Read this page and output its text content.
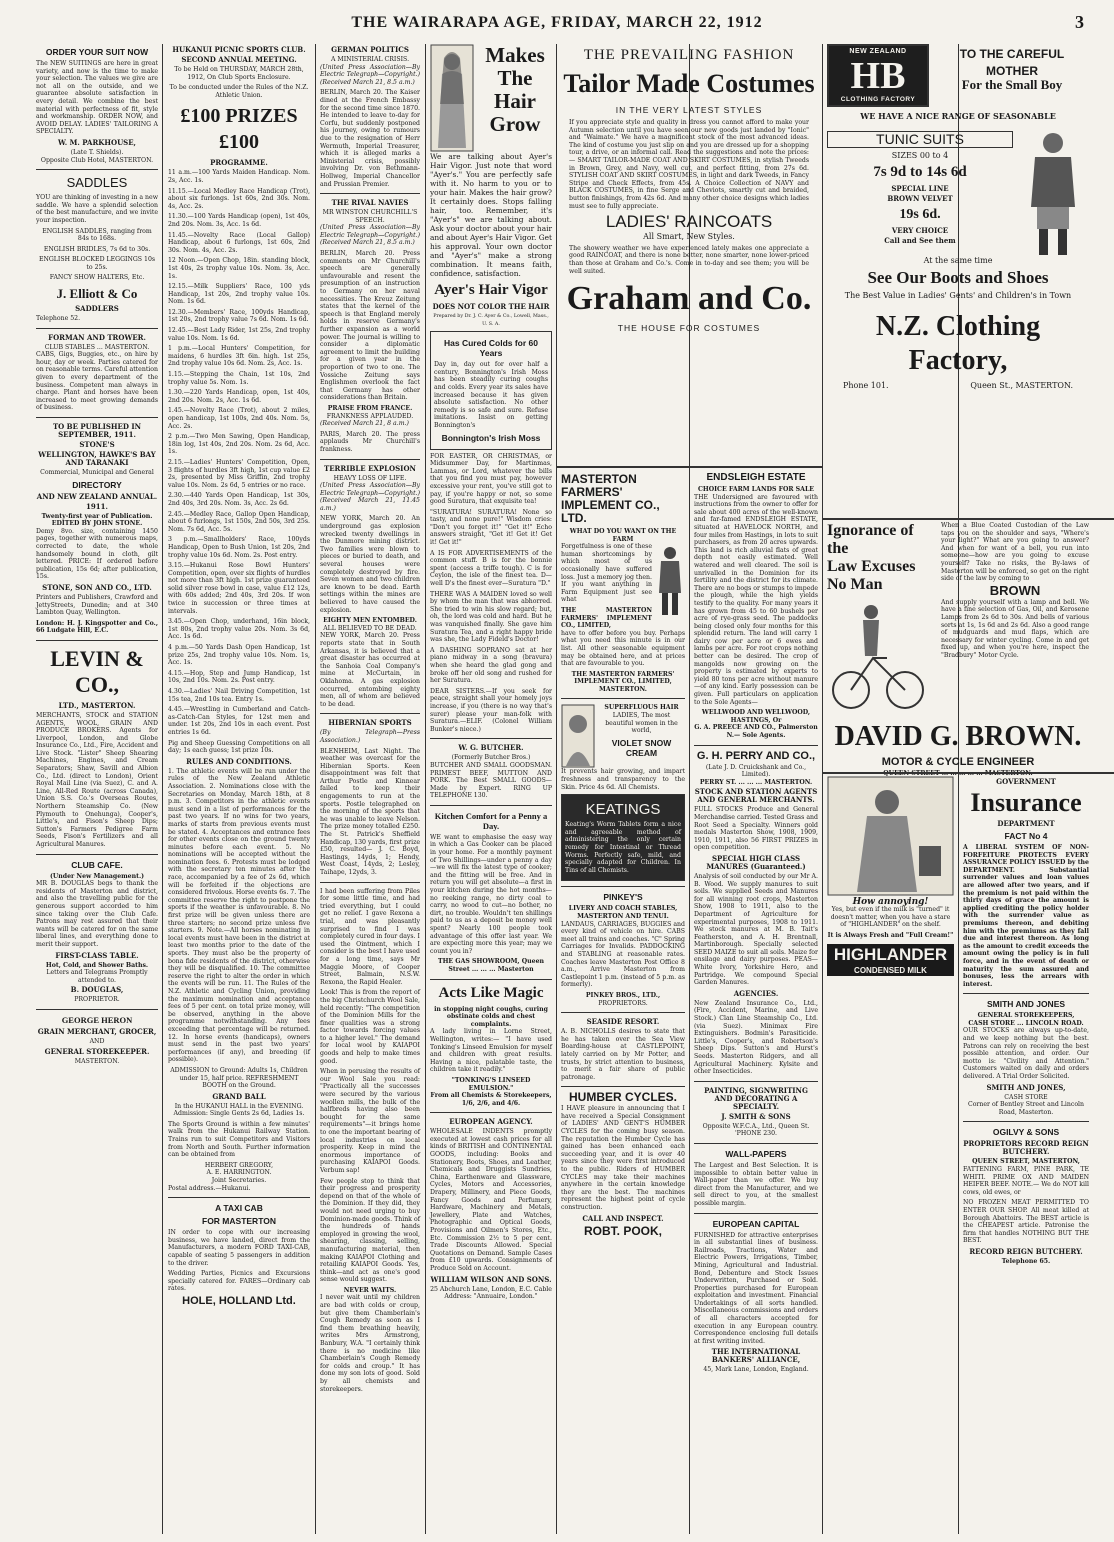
THE WAIRARAPA AGE, FRIDAY, MARCH 22, 1912	3
ORDER YOUR SUIT NOW

The NEW SUITINGS are here in great variety, and now is the time to make your selection. The values we give are not all on the outside, and we guarantee absolute satisfaction in every detail. We combine the best material with perfectness of fit, style and workmanship. ORDER NOW, and AVOID DELAY. LADIES' TAILORING A SPECIALTY.

W. M. PARKHOUSE,
(Late T. Shields).
Opposite Club Hotel, MASTERTON.
SADDLES

YOU are thinking of investing in a new saddle. We have a splendid selection of the best manufacture, and we invite your inspection.

ENGLISH SADDLES, ranging from 84s to 168s.

ENGLISH BRIDLES, 7s 6d to 30s.

ENGLISH BLOCKED LEGGINGS 10s to 25s.

FANCY SHOW HALTERS, Etc.

J. Elliott & Co
SADDLERS

Telephone 52.

FORMAN AND TROWER.
CLUB STABLES ... MASTERTON.

CABS, Gigs, Buggies, etc., on hire by hour, day or week. Parties catered for on reasonable terms. Careful attention given to every department of the business. Competent man always in charge. Plant and horses have been increased to meet growing demands of business.

TO BE PUBLISHED IN SEPTEMBER, 1911.
STONE'S
WELLINGTON, HAWKE'S BAY AND TARANAKI
Commercial, Municipal and General
DIRECTORY
AND NEW ZEALAND ANNUAL.
1911.
Twenty-first year of Publication. EDITED BY JOHN STONE.

Demy 8vo. size, containing 1450 pages, together with numerous maps, corrected to date, the whole handsomely bound in cloth, gilt lettered. PRICE: If ordered before publication, 15s 6d; after publication, 15s.

STONE, SON AND CO., LTD.

Printers and Publishers, Crawford and JettyStreets, Dunedin; and at 340 Lambton Quay, Wellington.

London: H. J. Kingspotter and Co., 66 Ludgate Hill, E.C.

LEVIN & CO.,
LTD., MASTERTON.

MERCHANTS, STOCK and STATION AGENTS, WOOL, GRAIN AND PRODUCE BROKERS. Agents for Liverpool, London, and Globe Insurance Co., Ltd., Fire, Accident and Live Stock. "Lister" Sheep Shearing Machines, Engines, and Cream Separators; Shaw, Savill and Albion Co., Ltd. (direct to London), Orient Royal Mail Line (via Suez), C. and A. Line, All-Red Route (across Canada), Union S.S. Co.'s Overseas Routes, Northern Steamship Co. (New Plymouth to Onehunga), Cooper's, Little's, and Fison's Sheep Dips; Sutton's Farmers Pedigree Farm Seeds, Fison's Fertilizers and all Agricultural Manures.

CLUB CAFE.
(Under New Management.)

MR B. DOUGLAS begs to thank the residents of Masterton and district, and also the travelling public for the generous support accorded to him since taking over the Club Cafe. Patrons may rest assured that their wants will be catered for on the same liberal lines, and everything done to merit their support.

FIRST-CLASS TABLE.
Hot, Cold, and Shower Baths.
Letters and Telegrams Promptly attended to.
B. DOUGLAS,
PROPRIETOR.
GEORGE HERON
GRAIN MERCHANT, GROCER,
AND
GENERAL STOREKEEPER.
MASTERTON.
HUKANUI PICNIC SPORTS CLUB.
SECOND ANNUAL MEETING.

To be Held on THURSDAY, MARCH 28th, 1912, On Club Sports Enclosure.

To be conducted under the Rules of the N.Z. Athletic Union.

£100 PRIZES £100
PROGRAMME.

11 a.m.—100 Yards Maiden Handicap. Nom. 2s, Acc. 1s.

11.15.—Local Medley Race Handicap (Trot), about six furlongs. 1st 60s, 2nd 30s. Nom. 4s, Acc. 2s.

11.30.—100 Yards Handicap (open), 1st 40s, 2nd 20s. Nom. 3s, Acc. 1s 6d.

11.45.—Novelty Race (Local Gallop) Handicap, about 6 furlongs, 1st 60s, 2nd 30s. Nom. 4s, Acc. 2s.

12 Noon.—Open Chop, 18in. standing block, 1st 40s, 2s trophy value 10s. Nom. 3s, Acc. 1s.

12.15.—Milk Suppliers' Race, 100 yds Handicap, 1st 20s, 2nd trophy value 10s. Nom. 1s 6d.

12.30.—Members' Race, 100yds Handicap, 1st 20s, 2nd trophy value 7s 6d. Nom. 1s 6d.

12.45.—Best Lady Rider, 1st 25s, 2nd trophy value 10s. Nom. 1s 6d.

1 p.m.—Local Hunters' Competition, for maidens, 6 hurdles 3ft 6in. high. 1st 25s, 2nd trophy value 10s 6d. Nom. 2s, Acc. 1s.

1.15.—Stepping the Chain, 1st 10s, 2nd trophy value 5s. Nom. 1s.

1.30.—220 Yards Handicap, open, 1st 40s, 2nd 20s. Nom. 2s, Acc. 1s 6d.

1.45.—Novelty Race (Trot), about 2 miles, open handicap, 1st 100s, 2nd 40s. Nom. 5s, Acc. 2s.

2 p.m.—Two Men Sawing, Open Handicap, 18in log, 1st 40s, 2nd 20s. Nom. 2s 6d, Acc. 1s.

2.15.—Ladies' Hunters' Competition, Open, 3 flights of hurdles 3ft high, 1st cup value £2 2s, presented by Miss Griffin, 2nd trophy value 10s. Nom. 2s 6d, 5 entries or no race.

2.30.—440 Yards Open Handicap, 1st 30s, 2nd 40s, 3rd 20s. Nom. 3s, Acc. 2s 6d.

2.45.—Medley Race, Gallop Open Handicap, about 6 furlongs, 1st 150s, 2nd 50s, 3rd 25s. Nom. 7s 6d, Acc. 5s.

3 p.m.—Smallholders' Race, 100yds Handicap, Open to Bush Union, 1st 20s, 2nd trophy value 10s 6d. Nom. 2s. Post entry.

3.15.—Hukanui Rose Bowl Hunters' Competition, open, over six flights of hurdles not more than 3ft high. 1st prize guaranteed solid silver rose bowl in case, value £12 12s, with 60s added; 2nd 40s, 3rd 20s. If won twice in succession or three times at intervals.

3.45.—Open Chop, underhand, 16in block, 1st 80s, 2nd trophy value 20s. Nom. 3s 6d, Acc. 1s 6d.

4 p.m.—50 Yards Dash Open Handicap, 1st prize 25s, 2nd trophy value 10s. Nom. 1s, Acc. 1s.

4.15.—Hop, Step and Jump Handicap, 1st 10s, 2nd 10s. Nom. 2s. Post entry.

4.30.—Ladies' Nail Driving Competition, 1st 15s tea, 2nd 10s tea. Entry 1s.

4.45.—Wrestling in Cumberland and Catch-as-Catch-Can Styles, for 12st men and under. 1st 20s, 2nd 10s in each event. Post entries 1s 6d.

Pig and Sheep Guessing Competitions on all day; 1s each guess; 1st prize 10s.

RULES AND CONDITIONS.

1. The athletic events will be run under the rules of the New Zealand Athletic Association. 2. Nominations close with the Secretaries on Monday, March 18th, at 8 p.m. 3. Competitors in the athletic events must send in a list of performances for the past two years. If no wins for two years, marks of starts from previous events must be stated. 4. Acceptances and entrance fees for other events close on the ground twenty minutes before each event. 5. No nominations will be accepted without the nomination fees. 6. Protests must be lodged with the secretary ten minutes after the race, accompanied by a fee of 2s 6d, which will be forfeited if the objections are considered frivolous. Horse events 6s. 7. The committee reserve the right to postpone the sports if the weather is unfavourable. 8. No first prize will be given unless there are three starters; no second prize unless five starters. 9. Note.—All horses nominating in local events must have been in the district at least two months prior to the date of the sports. They must also be the property of bona fide residents of the district, otherwise they will be disqualified. 10. The committee reserve the right to alter the order in which the events will be run. 11. The Rules of the N.Z. Athletic and Cycling Union, providing the maximum nomination and acceptance fees of 5 per cent. on total prize money, will be observed, anything in the above programme notwithstanding. Any fees exceeding that percentage will be returned. 12. In horse events (handicaps), owners must send in the past two years' performances (if any), and breeding (if possible).

ADMISSION to Ground: Adults 1s, Children under 15, half price. REFRESHMENT BOOTH on the Ground.

GRAND BALL

In the HUKANUI HALL in the EVENING. Admission: Single Gents 2s 6d, Ladies 1s.

The Sports Ground is within a few minutes' walk from the Hukanui Railway Station. Trains run to suit Competitors and Visitors from North and South. Further information can be obtained from

HERBERT GREGORY,
A. E. HARRINGTON.
Joint Secretaries.

Postal address.—Hukanui.

A TAXI CAB
FOR MASTERTON

IN order to cope with our increasing business, we have landed, direct from the Manufacturers, a modern FORD TAXI-CAB, capable of seating 5 passengers in addition to the driver.

Wedding Parties, Picnics and Excursions specially catered for. FARES—Ordinary cab rates.

HOLE, HOLLAND Ltd.
GERMAN POLITICS
A MINISTERIAL CRISIS.

(United Press Association—By Electric Telegraph—Copyright.) (Received March 21, 8.5 a.m.)

BERLIN, March 20. The Kaiser dined at the French Embassy for the second time since 1870. He intended to leave to-day for Corfu, but suddenly postponed his journey, owing to rumours due to the resignation of Herr Wermuth, Imperial Treasurer, which it is alleged marks a Ministerial crisis, possibly involving Dr. von Bethmann-Hollweg, Imperial Chancellor and Prussian Premier.

THE RIVAL NAVIES
MR WINSTON CHURCHILL'S SPEECH.

(United Press Association—By Electric Telegraph—Copyright.) (Received March 21, 8.5 a.m.)

BERLIN, March 20. Press comments on Mr Churchill's speech are generally unfavourable and resent the presumption of an instruction to Germany on her naval necessities. The Kreuz Zeitung states that the kernel of the speech is that England merely holds in reserve Germany's further expansion as a world power. The journal is willing to consider a diplomatic agreement to limit the building for a given year in the proportion of two to one. The Vossiche Zeitung says Englishmen overlook the fact that Germany has other considerations than Britain.

PRAISE FROM FRANCE.
FRANKNESS APPLAUDED.

(Received March 21, 8 a.m.)

PARIS, March 20. The press applauds Mr Churchill's frankness.

TERRIBLE EXPLOSION
HEAVY LOSS OF LIFE.

(United Press Association—By Electric Telegraph—Copyright.) (Received March 21, 11.45 a.m.)

NEW YORK, March 20. An underground gas explosion wrecked twenty dwellings in the Dunmore mining district. Two families were blown to pieces or buried to death, and several houses were completely destroyed by fire. Seven women and two children are known to be dead. Earth settings within the mines are believed to have caused the explosion.

EIGHTY MEN ENTOMBED.
ALL BELIEVED TO BE DEAD.

NEW YORK, March 20. Press reports state that in South Arkansas, it is believed that a great disaster has occurred at the Sanhoia Coal Company's mine at McCurtain, in Oklahoma. A gas explosion occurred, entombing eighty men, all of whom are believed to be dead.

HIBERNIAN SPORTS

(By Telegraph—Press Association.)

BLENHEIM, Last Night. The weather was overcast for the Hibernian Sports. Keen disappointment was felt that Arthur Postle and Kinnear failed to keep their engagements to run at the sports. Postle telegraphed on the morning of the sports that he was unable to leave Nelson. The prize money totalled £250. The St. Patrick's Sheffield Handicap, 130 yards, first prize £50, resulted— J. C. Boyd, Hastings, 14yds, 1; Hendy, West Coast, 14yds, 2; Lesley, Taihape, 12yds, 3.

I had been suffering from Piles for some little time, and had tried everything, but I could get no relief. I gave Rexona a trial, and was pleasantly surprised to find I was completely cured in four days. I used the Ointment, which I consider is the best I have used for a long time, says Mr Maggie Moore, of Cooper Street, Balmain, N.S.W. Rexona, the Rapid Healer.

Look! This is from the report of the big Christchurch Wool Sale, held recently: "The competition of the Dominion Mills for the finer qualities was a strong factor towards forcing values to a higher level." The demand for local wool by KAIAPOI goods and help to make times good.

When in perusing the results of our Wool Sale you read: "Practically all the successes were secured by the various woollen mills, the bulk of the halfbreds having also been bought for the same requirements"—it brings home to one the important bearing of local industries on local prosperity. Keep in mind the enormous importance of purchasing KAIAPOI Goods. Verbum sap!

Few people stop to think that their progress and prosperity depend on that of the whole of the Dominion. If they did, they would not need urging to buy Dominion-made goods. Think of the hundreds of hands employed in growing the wool, shearing, classing, selling, manufacturing material, then making KAIAPOI Clothing and retailing KAIAPOI Goods. Yes, think—and act as one's good sense would suggest.

NEVER WAITS.

I never wait until my children are bad with colds or croup, but give them Chamberlain's Cough Remedy as soon as I find them breathing heavily, writes Mrs Armstrong, Banbury, W.A. "I certainly think there is no medicine like Chamberlain's Cough Remedy for colds and croup." It has done my son lots of good. Sold by all chemists and storekeepers.

Makes
The
Hair
Grow

We are talking about Ayer's Hair Vigor. Just note that word "Ayer's." You are perfectly safe with it. No harm to you or to your hair. Makes the hair grow? It certainly does. Stops falling hair, too. Remember, it's "Ayer's" we are talking about. Ask your doctor about your hair and about Ayer's Hair Vigor. Get his approval. Your own doctor and "Ayer's" make a strong combination. It means faith, confidence, satisfaction.

Ayer's Hair Vigor
DOES NOT COLOR THE HAIR
Prepared by Dr. J. C. Ayer & Co., Lowell, Mass., U. S. A.
Has Cured Colds for 60 Years

Day in, day out for over half a century, Bonnington's Irish Moss has been steadily curing coughs and colds. Every year its sales have increased because it has given absolute satisfaction. No other remedy is so safe and sure. Refuse imitations. Insist on getting Bonnington's

Bonnington's Irish Moss

FOR EASTER, OR CHRISTMAS, or Midsummer Day, for Martinmas, Lammas, or Lord, whatever the bills that you find you must pay, however excessive your rent, you've still got to pay, if you're happy or not, so some good Suratura, that exquisite tea!

"SURATURA! SURATURA! None so tasty, and none pure!" Wisdom cries: "Don't you forget it!" "Get it!" Echo answers straight, "Get it! Get it! Get it! Get it!"

A IS FOR ADVERTISEMENTS of the common stuff. B is for the bonnie spent (access a triffe tough). C is for Ceylon, the isle of the finest tea. D—well D's the finest ever—Suratura "D."

THERE WAS A MAIDEN loved so well by whom the man that was abhorred. She tried to win his slow regard; but, oh, the lord was cold and hard. But he was vanquished finally. She gave him Suratura Tea, and a right happy bride was she, the Lady Fideld's Doctor!

A DASHING SOPRANO sat at her piano midway in a song (bravura) when she heard the glad gong and broke off her old song and rushed for her Suratura.

DEAR SISTERS.—If you seek for peace, straight shall your homely joys increase, if you (there is no way that's surer) please your man-folk with Suratura.—ELIF. (Colonel William Bunker's niece.)

W. G. BUTCHER.
(Formerly Butcher Bros.)

BUTCHER AND SMALL GOODSMAN. PRIMEST BEEF, MUTTON AND PORK. The Best SMALL GOODS—Made by Expert. RING UP TELEPHONE 130.

Kitchen Comfort for a Penny a Day.

WE want to emphasise the easy way in which a Gas Cooker can be placed in your home. For a monthly payment of Two Shillings—under a penny a day—we will fix the latest type of cooker; and the fitting will be free. And in return you will get absolute—a first in your kitchen during the hot months—no reeking range, no dirty coal to carry, no wood to cut—no bother, no dirt, no trouble. Wouldn't ten shillings paid to us as a deposit be money well spent? Nearly 100 people took advantage of this offer last year. We are expecting more this year; may we count you in?

THE GAS SHOWROOM, Queen Street ... ... ... Masterton
Acts Like Magic
in stopping night coughs, curing obstinate colds and chest complaints.

A lady living in Lorne Street, Wellington, writes:— "I have used Tonking's Linseed Emulsion for myself and children with great results. Having a nice, palatable taste, the children take it readily."

"TONKING'S LINSEED EMULSION."
From all Chemists & Storekeepers, 1/6, 2/6, and 4/6.
EUROPEAN AGENCY.

WHOLESALE INDENTS promptly executed at lowest cash prices for all kinds of BRITISH and CONTINENTAL GOODS, including: Books and Stationery, Boots, Shoes, and Leather, Chemicals and Druggists Sundries, China, Earthenware and Glassware, Cycles, Motors and Accessories, Drapery, Millinery, and Piece Goods, Fancy Goods and Perfumery, Hardware, Machinery and Metals, Jewellery, Plate and Watches, Photographic and Optical Goods, Provisions and Oilmen's Stores, Etc., Etc. Commission 2½ to 5 per cent. Trade Discounts Allowed. Special Quotations on Demand. Sample Cases from £10 upwards. Consignments of Produce Sold on Account.

WILLIAM WILSON AND SONS.
25 Abchurch Lane, London, E.C. Cable Address: "Annuaire, London."
THE PREVAILING FASHION
Tailor Made Costumes
IN THE VERY LATEST STYLES

If you appreciate style and quality in dress you cannot afford to make your Autumn selection until you have seen our new goods just landed by "Ionic" and "Waimate." We have a magnificent stock of the most advanced ideas. The kind of costume you just slip on and you are dressed up for a shopping tour, a drive, or an informal call. Read the suggestions and note the prices:— SMART TAILOR-MADE COAT AND SKIRT COSTUMES, in stylish Tweeds in Brown, Grey, and Navy, well cut, and perfect fitting, from 27s 6d. STYLISH COAT AND SKIRT COSTUMES, in light and dark Tweeds, in Fancy Stripe and Check Effects, from 45s. A Choice Collection of NAVY and BLACK COSTUMES, in fine Serge and Cheviots, smartly cut and braided, button finishings, from 42s 6d. And many other choice designs which ladies must see to fully appreciate.

LADIES' RAINCOATS
All Smart, New Styles.

The showery weather we have experienced lately makes one appreciate a good RAINCOAT, and there is none better, none smarter, none lower-priced than those at Graham and Co.'s. Come in to-day and see them; you will be well suited.

Graham and Co.
THE HOUSE FOR COSTUMES
MASTERTON FARMERS' IMPLEMENT CO., LTD.
WHAT DO YOU WANT ON THE FARM

Forgetfulness is one of these human shortcomings by which most of us occasionally have suffered loss. Just a memory jog then. If you want anything in Farm Equipment just see what

THE MASTERTON FARMERS' IMPLEMENT CO., LIMITED,

have to offer before you buy. Perhaps what you need this minute is in our list. All other seasonable equipment may be obtained here, and at prices that are favourable to you.

THE MASTERTON FARMERS' IMPLEMENT CO., LIMITED, MASTERTON.
SUPERFLUOUS HAIR
LADIES, The most beautiful women in the world,
VIOLET SNOW CREAM

It prevents hair growing, and impart freshness and transparency to the Skin. Price 4s 6d. All Chemists.

KEATINGS

Keating's Worm Tablets form a nice and agreeable method of administering the only certain remedy for Intestinal or Thread Worms. Perfectly safe, mild, and specially adapted for Children. In Tins of all Chemists.

PINKEY'S
LIVERY AND COACH STABLES, MASTERTON AND TENUI.

LANDAUS, CARRIAGES, BUGGIES and every kind of vehicle on hire. CABS meet all trains and coaches. "C" Spring Carriages for Invalids. PADDOCKING and STABLING at reasonable rates. Coaches leave Masterton Post Office 8 a.m., Arrive Masterton from Castlepoint 1 p.m. (instead of 5 p.m. as formerly).

PINKEY BROS., LTD.,
PROPRIETORS.
SEASIDE RESORT.

A. B. NICHOLLS desires to state that he has taken over the Sea View Boarding-house at CASTLEPOINT, lately carried on by Mr Potter, and trusts, by strict attention to business, to merit a fair share of public patronage.

HUMBER CYCLES.

I HAVE pleasure in announcing that I have received a Special Consignment of LADIES' AND GENT'S HUMBER CYCLES for the coming busy season. The reputation the Humber Cycle has gained has been enhanced each succeeding year, and it is over 40 years since they were first introduced to the public. Riders of HUMBER CYCLES may take their machines anywhere in the certain knowledge they are the best. The machines represent the highest point of cycle construction.

CALL AND INSPECT.
ROBT. POOK,
ENDSLEIGH ESTATE
CHOICE FARM LANDS FOR SALE

THE Undersigned are favoured with instructions from the owner to offer for sale about 400 acres of the well-known and far-famed ENDSLEIGH ESTATE, situated at HAVELOCK NORTH, and four miles from Hastings, in lots to suit purchasers, as from 20 acres upwards. This land is rich alluvial flats of great depth not easily estimated. Well watered and well cleared. The soil is unrivalled in the Dominion for its fertility and the district for its climate. There are no bogs or stumps to impede the plough, while the high yields testify to the quality. For many years it has grown from 45 to 60 bushels per acre of rye-grass seed. The paddocks being closed only four months for this splendid return. The land will carry 1 dairy cow per acre or 6 ewes and lambs per acre. For root crops nothing better can be desired. The crop of mangolds now growing on the property is estimated by experts to yield 80 tons per acre without manure—of any kind. Early possession can be given. Full particulars on application to the Sole Agents—

WELLWOOD AND WELLWOOD, HASTINGS, Or
G. A. PREECE AND CO., Palmerston N.— Sole Agents.
G. H. PERRY AND CO.,
(Late J. D. Cruickshank and Co., Limited).
PERRY ST. ... ... ... MASTERTON.
STOCK AND STATION AGENTS AND GENERAL MERCHANTS.

FULL STOCKS Produce and General Merchandise carried. Tested Grass and Root Seed a Specialty. Winners gold medals Masterton Show, 1908, 1909, 1910, 1911, also 56 FIRST PRIZES in open competition.

SPECIAL HIGH CLASS MANURES (Guaranteed.)

Analysis of soil conducted by our Mr A. B. Wood. We supply manures to suit soils. We supplied Seeds and Manures for all winning root crops, Masterton Show, 1908 to 1911, also to the Department of Agriculture for experimental purposes, 1908 to 1911. We stock manures at M. B. Tait's Featherston, and A. H. Brentnall, Martinborough. Specially selected SEED MAIZE to suit all soils. Maize for ensilage and dairy purposes. PEAS—White Ivory, Yorkshire Hero, and Partridge. We compound Special Garden Manures.

AGENCIES.

New Zealand Insurance Co., Ltd., (Fire, Accident, Marine, and Live Stock.) Clan Line Steamship Co., Ltd. (via Suez). Minimax Fire Extinguishers. Bodmin's Parasiticide. Little's, Cooper's, and Robertson's Sheep Dips. Sutton's and Hurst's Seeds. Masterton Ridgers, and all Agricultural Machinery. Kylsite and other Insecticides.

PAINTING, SIGNWRITING AND DECORATING A SPECIALTY.
J. SMITH & SONS
Opposite W.F.C.A., Ltd., Queen St.
'PHONE 230.
WALL-PAPERS

The Largest and Best Selection. It is impossible to obtain better value in Wall-paper than we offer. We buy direct from the Manufacturer, and we sell direct to you, at the smallest possible margin.

EUROPEAN CAPITAL

FURNISHED for attractive enterprises in all substantial lines of business. Railroads, Tractions, Water and Electric Powers, Irrigations, Timber, Mining, Agricultural and Industrial. Bond, Debenture and Stock Issues Underwritten, Purchased or Sold. Properties purchased for European exploitation and investment. Financial Undertakings of all sorts handled. Miscellaneous commissions and orders of all characters accepted for execution in any European country. Correspondence enclosing full details at first writing invited.

THE INTERNATIONAL BANKERS' ALLIANCE,
45, Mark Lane, London, England.
NEW ZEALAND
HB
CLOTHING FACTORY
TO THE CAREFUL
MOTHER
For the Small Boy
WE HAVE A NICE RANGE OF SEASONABLE
TUNIC SUITS
SIZES 00 to 4
7s 9d to 14s 6d
SPECIAL LINE
BROWN VELVET
19s 6d.
VERY CHOICE
Call and See them
At the same time
See Our Boots and Shoes
The Best Value in Ladies' Gents' and Children's in Town
N.Z. Clothing Factory,
Phone 101.	Queen St., MASTERTON.
Ignorance of the
Law Excuses
No Man

When a Blue Coated Custodian of the Law taps you on the shoulder and says, "Where's your light?" What are you going to answer? And when for want of a bell, you run into someone—how are you going to excuse yourself? Take no risks, the By-laws of Masterton will be enforced, so get on the right side of the law by coming to

BROWN

And supply yourself with a lamp and bell. We have a fine selection of Gas, Oil, and Kerosene Lamps from 2s 6d to 30s. And bells of various sorts at 1s, 1s 6d and 2s 6d. Also a good range of mudguards and mud flaps, which are necessary for winter cycling. Come in and get fixed up, and when you're here, inspect the "Bradbury" Motor Cycle.

DAVID G. BROWN.
MOTOR & CYCLE ENGINEER
QUEEN STREET ... ... ... ... ... MASTERTON.
How annoying!

Yes, but even if the milk is "turned" it doesn't matter, when you have a stare of "HIGHLANDER" on the shelf.

It is Always Fresh and "Full Cream!"
HIGHLANDER
CONDENSED MILK
GOVERNMENT
Insurance
DEPARTMENT
FACT No 4

A LIBERAL SYSTEM OF NON-FORFEITURE PROTECTS EVERY ASSURANCE POLICY ISSUED by the DEPARTMENT. Substantial surrender values and loan values are allowed after two years, and if the premium is not paid within the thirty days of grace the amount is applied crediting the policy holder with the surrender value as premiums thereon, and debiting him with the premiums as they fall due and interest thereon. As long as the amount to credit exceeds the amount owing the policy is in full force, and in the event of death or maturity the sum assured and bonuses, less the arrears with interest.

SMITH AND JONES
GENERAL STOREKEEPERS,
CASH STORE ... LINCOLN ROAD.

OUR STOCKS are always up-to-date, and we keep nothing but the best. Patrons can rely on receiving the best possible attention, and order. Our motto is: "Civility and Attention." Customers waited on daily and orders delivered. A Trial Order Solicited.

SMITH AND JONES,
CASH STORE
Corner of Bentley Street and Lincoln Road, Masterton.
OGILVY & SONS
PROPRIETORS RECORD REIGN BUTCHERY.
QUEEN STREET, MASTERTON,

FATTENING FARM, PINE PARK, TE WHITI. PRIME OX AND MAIDEN HEIFER BEEF. NOTE.— We do NOT kill cows, old ewes, or

NO FROZEN MEAT PERMITTED TO ENTER OUR SHOP. All meat killed at Borough Abattoirs. The BEST article is the CHEAPEST article. Patronise the firm that handles NOTHING BUT THE BEST.

RECORD REIGN BUTCHERY.
Telephone 65.
